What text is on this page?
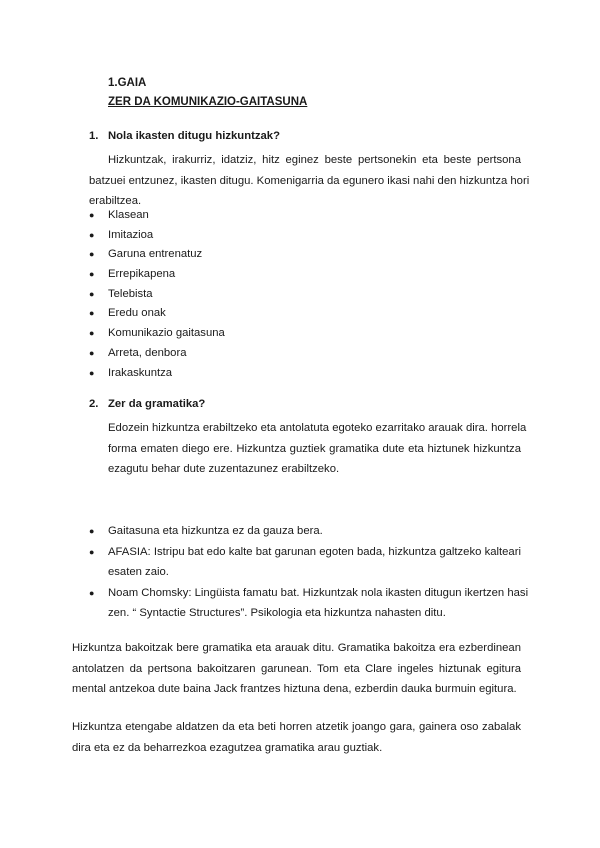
1.GAIA
ZER DA KOMUNIKAZIO-GAITASUNA
1. Nola ikasten ditugu hizkuntzak?
Hizkuntzak, irakurriz, idatziz, hitz eginez beste pertsonekin eta beste pertsona
batzuei entzunez, ikasten ditugu. Komenigarria da egunero ikasi nahi den hizkuntza hori
erabiltzea.
● Klasean
● Imitazioa
● Garuna entrenatuz
● Errepikapena
● Telebista
● Eredu onak
● Komunikazio gaitasuna
● Arreta, denbora
● Irakaskuntza
2. Zer da gramatika?
Edozein hizkuntza erabiltzeko eta antolatuta egoteko ezarritako arauak dira. horrela
forma ematen diego ere. Hizkuntza guztiek gramatika dute eta hiztunek hizkuntza
ezagutu behar dute zuzentazunez erabiltzeko.
● Gaitasuna eta hizkuntza ez da gauza bera.
● AFASIA: Istripu bat edo kalte bat garunan egoten bada, hizkuntza galtzeko kalteari
esaten zaio.
● Noam Chomsky: Lingüista famatu bat. Hizkuntzak nola ikasten ditugun ikertzen hasi
zen. “ Syntactie Structures”. Psikologia eta hizkuntza nahasten ditu.
Hizkuntza bakoitzak bere gramatika eta arauak ditu. Gramatika bakoitza era ezberdinean
antolatzen da pertsona bakoitzaren garunean. Tom eta Clare ingeles hiztunak egitura
mental antzekoa dute baina Jack frantzes hiztuna dena, ezberdin dauka burmuin egitura.
Hizkuntza etengabe aldatzen da eta beti horren atzetik joango gara, gainera oso zabalak
dira eta ez da beharrezkoa ezagutzea gramatika arau guztiak.
